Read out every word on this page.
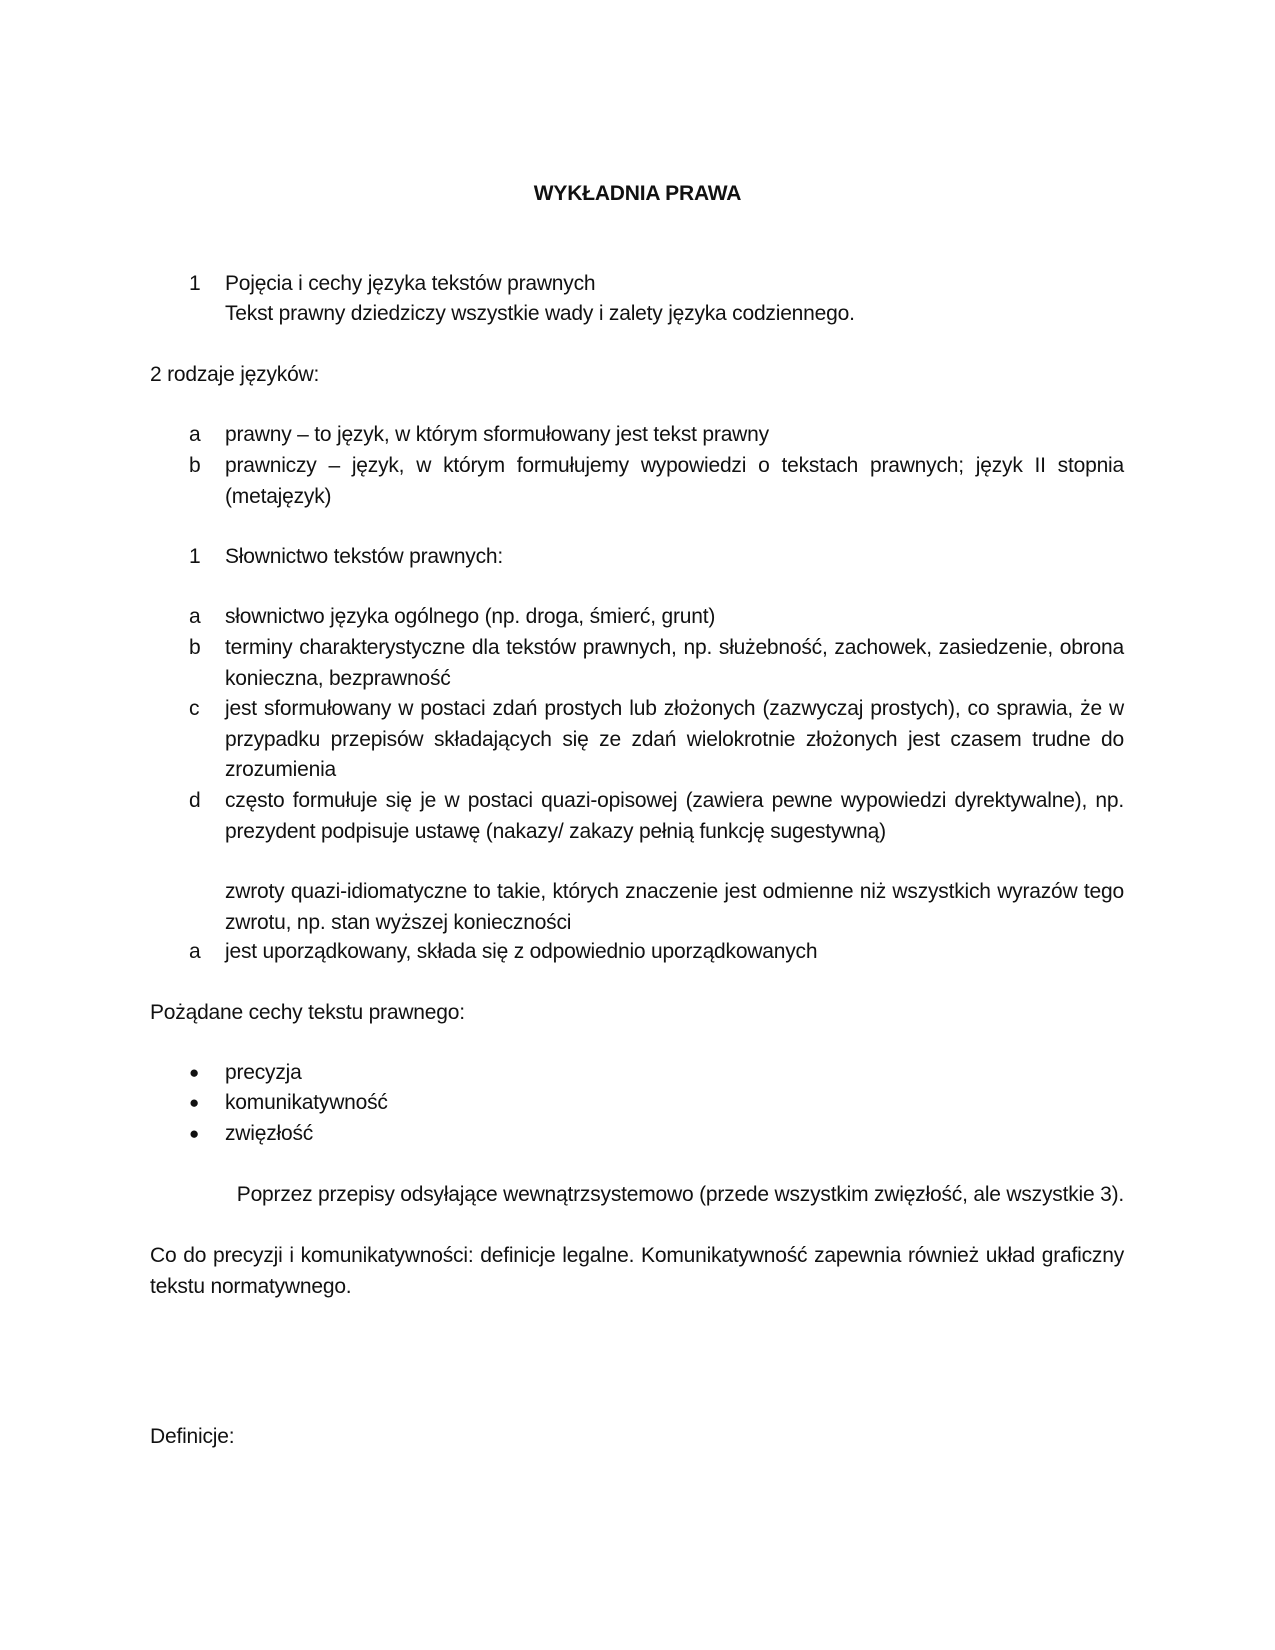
WYKŁADNIA PRAWA
1 Pojęcia i cechy języka tekstów prawnych
Tekst prawny dziedziczy wszystkie wady i zalety języka codziennego.
2 rodzaje języków:
a prawny – to język, w którym sformułowany jest tekst prawny
b prawniczy – język, w którym formułujemy wypowiedzi o tekstach prawnych; język II stopnia (metajęzyk)
1 Słownictwo tekstów prawnych:
a słownictwo języka ogólnego (np. droga, śmierć, grunt)
b terminy charakterystyczne dla tekstów prawnych, np. służebność, zachowek, zasiedzenie, obrona konieczna, bezprawność
c jest sformułowany w postaci zdań prostych lub złożonych (zazwyczaj prostych), co sprawia, że w przypadku przepisów składających się ze zdań wielokrotnie złożonych jest czasem trudne do zrozumienia
d często formułuje się je w postaci quazi-opisowej (zawiera pewne wypowiedzi dyrektywalne), np. prezydent podpisuje ustawę (nakazy/ zakazy pełnią funkcję sugestywną)
zwroty quazi-idiomatyczne to takie, których znaczenie jest odmienne niż wszystkich wyrazów tego zwrotu, np. stan wyższej konieczności
a jest uporządkowany, składa się z odpowiednio uporządkowanych
Pożądane cechy tekstu prawnego:
● precyzja
● komunikatywność
● zwięzłość
Poprzez przepisy odsyłające wewnątrzsystemowo (przede wszystkim zwięzłość, ale wszystkie 3).
Co do precyzji i komunikatywności: definicje legalne. Komunikatywność zapewnia również układ graficzny tekstu normatywnego.
Definicje:
